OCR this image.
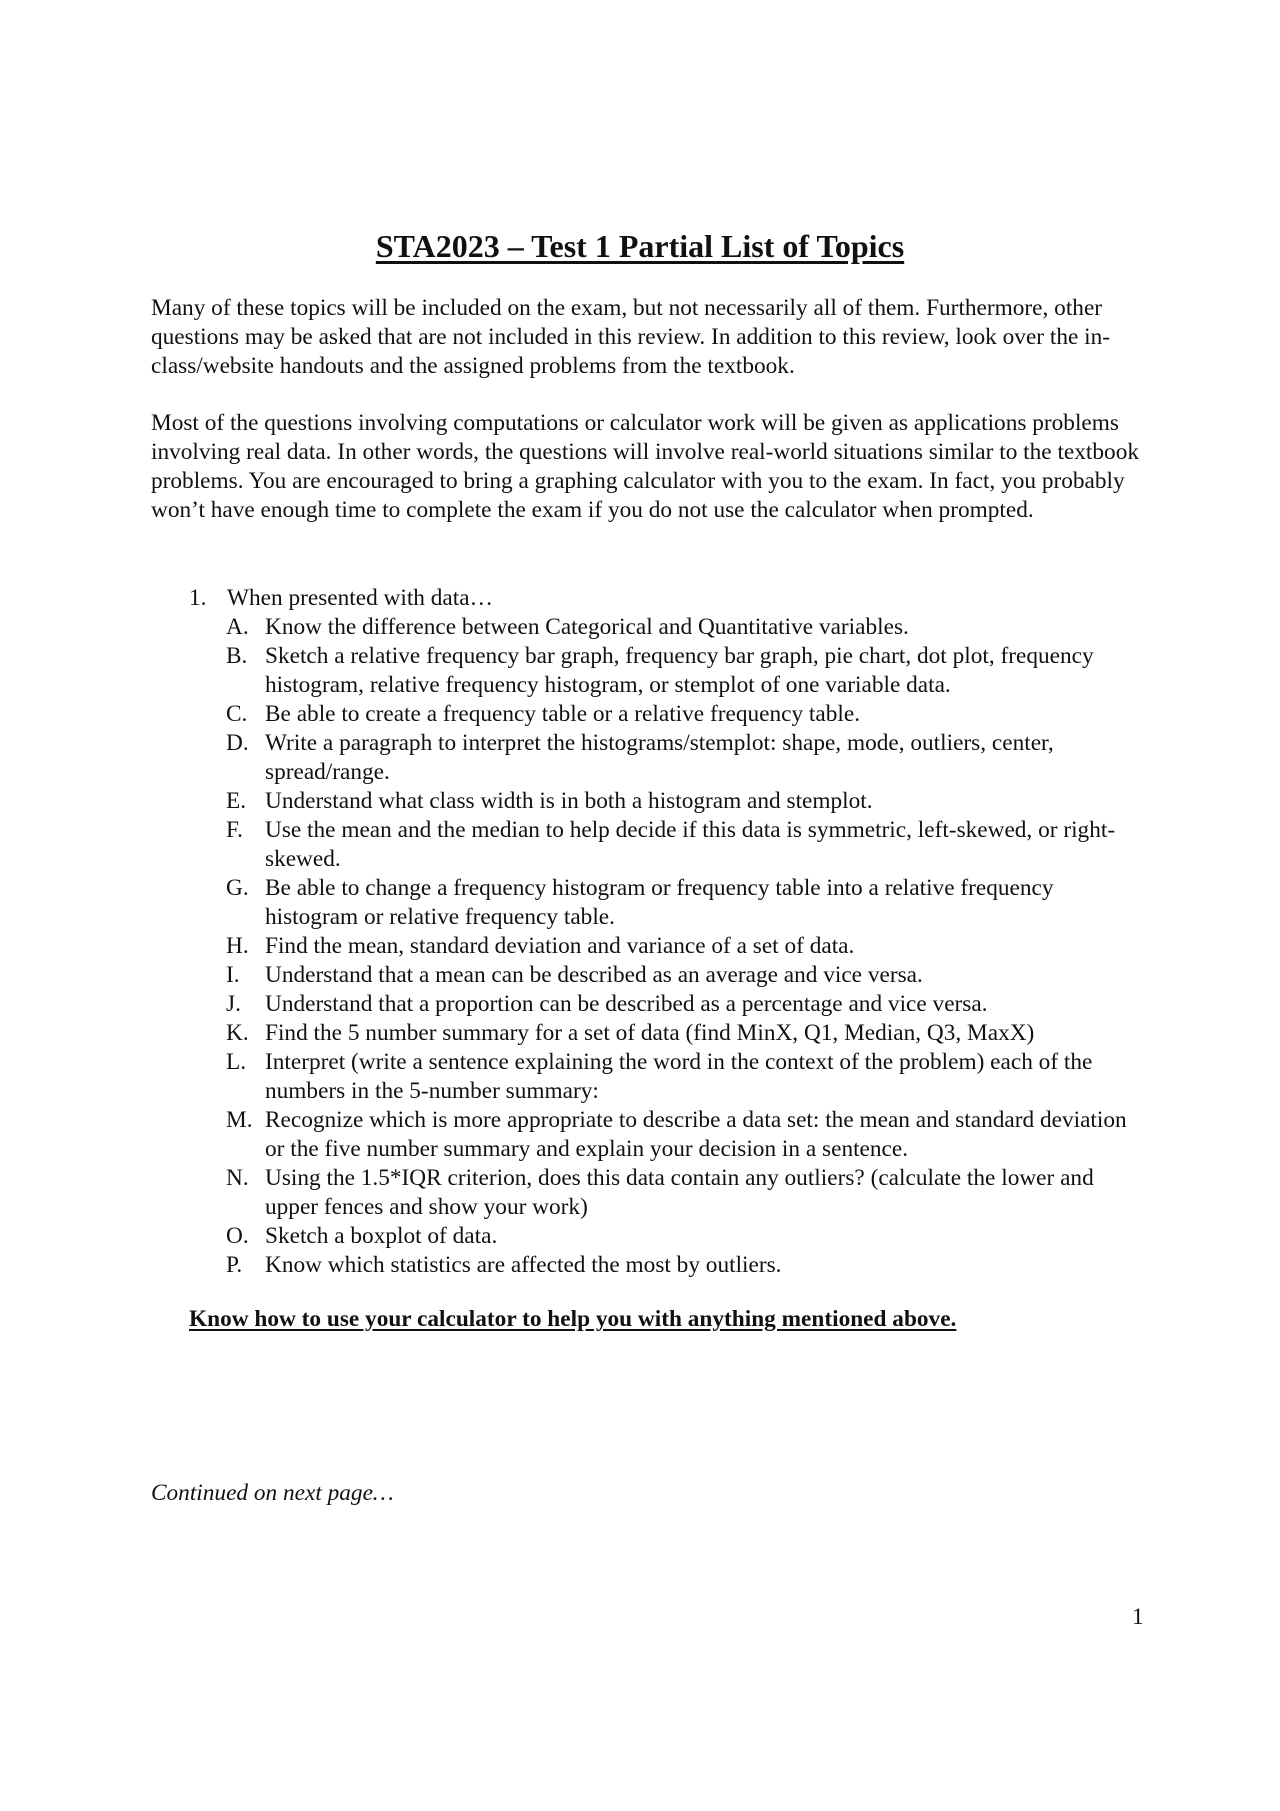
STA2023 – Test 1 Partial List of Topics

Many of these topics will be included on the exam, but not necessarily all of them. Furthermore, other questions may be asked that are not included in this review. In addition to this review, look over the in-class/website handouts and the assigned problems from the textbook.

Most of the questions involving computations or calculator work will be given as applications problems involving real data. In other words, the questions will involve real-world situations similar to the textbook problems. You are encouraged to bring a graphing calculator with you to the exam. In fact, you probably won’t have enough time to complete the exam if you do not use the calculator when prompted.

1. When presented with data…
A. Know the difference between Categorical and Quantitative variables.
B. Sketch a relative frequency bar graph, frequency bar graph, pie chart, dot plot, frequency histogram, relative frequency histogram, or stemplot of one variable data.
C. Be able to create a frequency table or a relative frequency table.
D. Write a paragraph to interpret the histograms/stemplot: shape, mode, outliers, center, spread/range.
E. Understand what class width is in both a histogram and stemplot.
F. Use the mean and the median to help decide if this data is symmetric, left-skewed, or right-skewed.
G. Be able to change a frequency histogram or frequency table into a relative frequency histogram or relative frequency table.
H. Find the mean, standard deviation and variance of a set of data.
I.	Understand that a mean can be described as an average and vice versa.
J.	Understand that a proportion can be described as a percentage and vice versa.
K. Find the 5 number summary for a set of data (find MinX, Q1, Median, Q3, MaxX)
L. Interpret (write a sentence explaining the word in the context of the problem) each of the numbers in the 5-number summary:
M. Recognize which is more appropriate to describe a data set: the mean and standard deviation or the five number summary and explain your decision in a sentence.
N. Using the 1.5*IQR criterion, does this data contain any outliers? (calculate the lower and upper fences and show your work)
O. Sketch a boxplot of data.
P. Know which statistics are affected the most by outliers.

Know how to use your calculator to help you with anything mentioned above.

Continued on next page…

1
